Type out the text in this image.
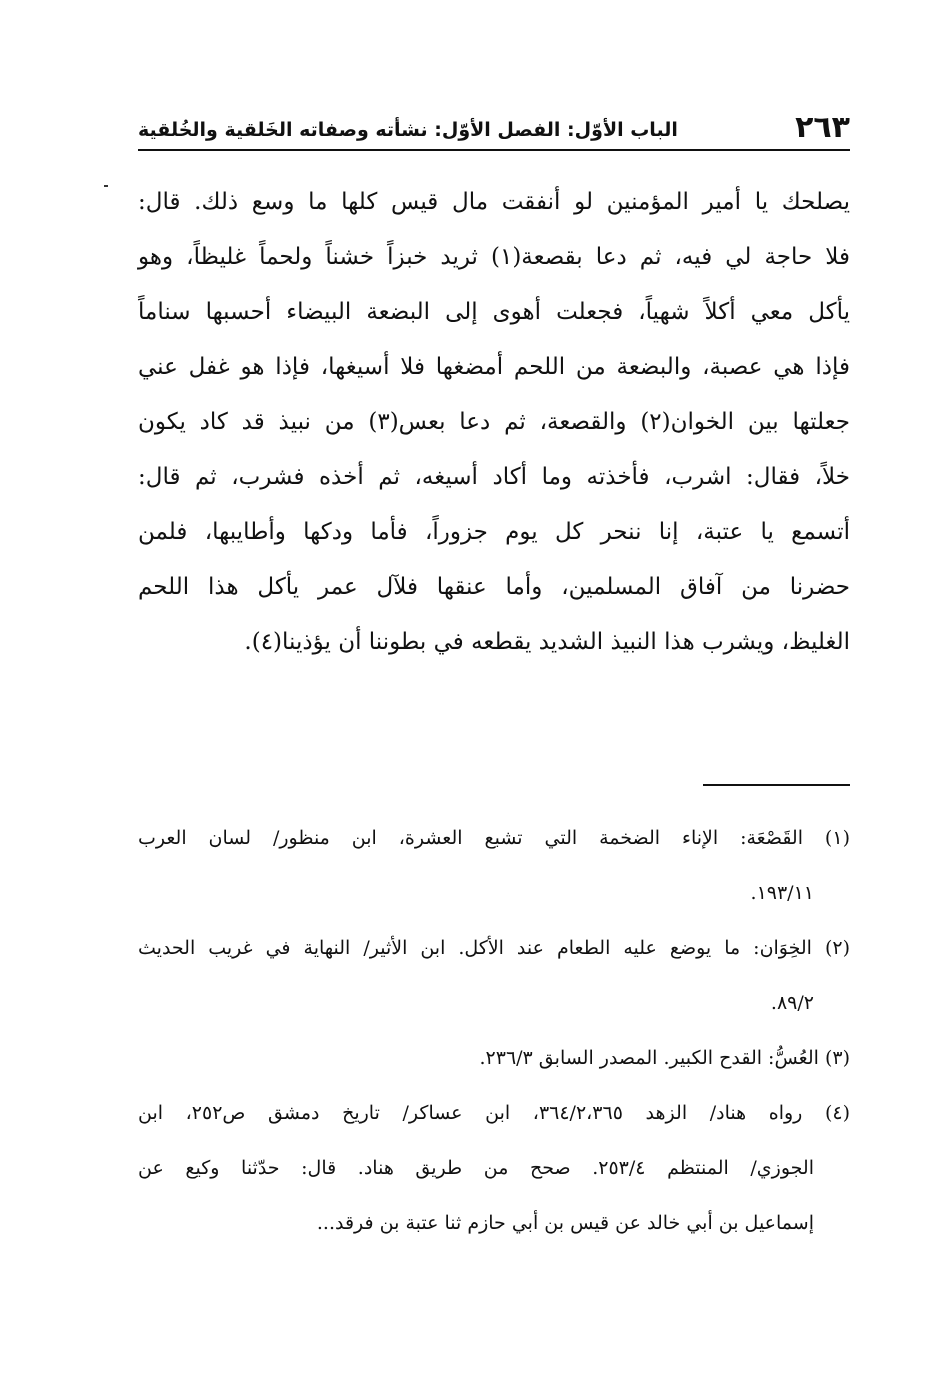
٢٦٣
الباب الأوّل: الفصل الأوّل: نشأته وصفاته الخَلقية والخُلقية
يصلحك يا أمير المؤمنين لو أنفقت مال قيس كلها ما وسع ذلك. قال:
فلا حاجة لي فيه، ثم دعا بقصعة(١) ثريد خبزاً خشناً ولحماً غليظاً، وهو
يأكل معي أكلاً شهياً، فجعلت أهوى إلى البضعة البيضاء أحسبها سناماً
فإذا هي عصبة، والبضعة من اللحم أمضغها فلا أسيغها، فإذا هو غفل عني
جعلتها بين الخوان(٢) والقصعة، ثم دعا بعس(٣) من نبيذ قد كاد يكون
خلاً، فقال: اشرب، فأخذته وما أكاد أسيغه، ثم أخذه فشرب، ثم قال:
أتسمع يا عتبة، إنا ننحر كل يوم جزوراً، فأما ودكها وأطايبها، فلمن
حضرنا من آفاق المسلمين، وأما عنقها فلآل عمر يأكل هذا اللحم
الغليظ، ويشرب هذا النبيذ الشديد يقطعه في بطوننا أن يؤذينا(٤).
(١) القَصْعَة: الإناء الضخمة التي تشبع العشرة، ابن منظور/ لسان العرب
١٩٣/١١.
(٢) الخِوَان: ما يوضع عليه الطعام عند الأكل. ابن الأثير/ النهاية في غريب الحديث
٨٩/٢.
(٣) العُسُّ: القدح الكبير. المصدر السابق ٢٣٦/٣.
(٤) رواه هناد/ الزهد ٣٦٤/٢،٣٦٥، ابن عساكر/ تاريخ دمشق ص٢٥٢، ابن
الجوزي/ المنتظم ٢٥٣/٤. صحح من طريق هناد. قال: حدّثنا وكيع عن
إسماعيل بن أبي خالد عن قيس بن أبي حازم ثنا عتبة بن فرقد...
